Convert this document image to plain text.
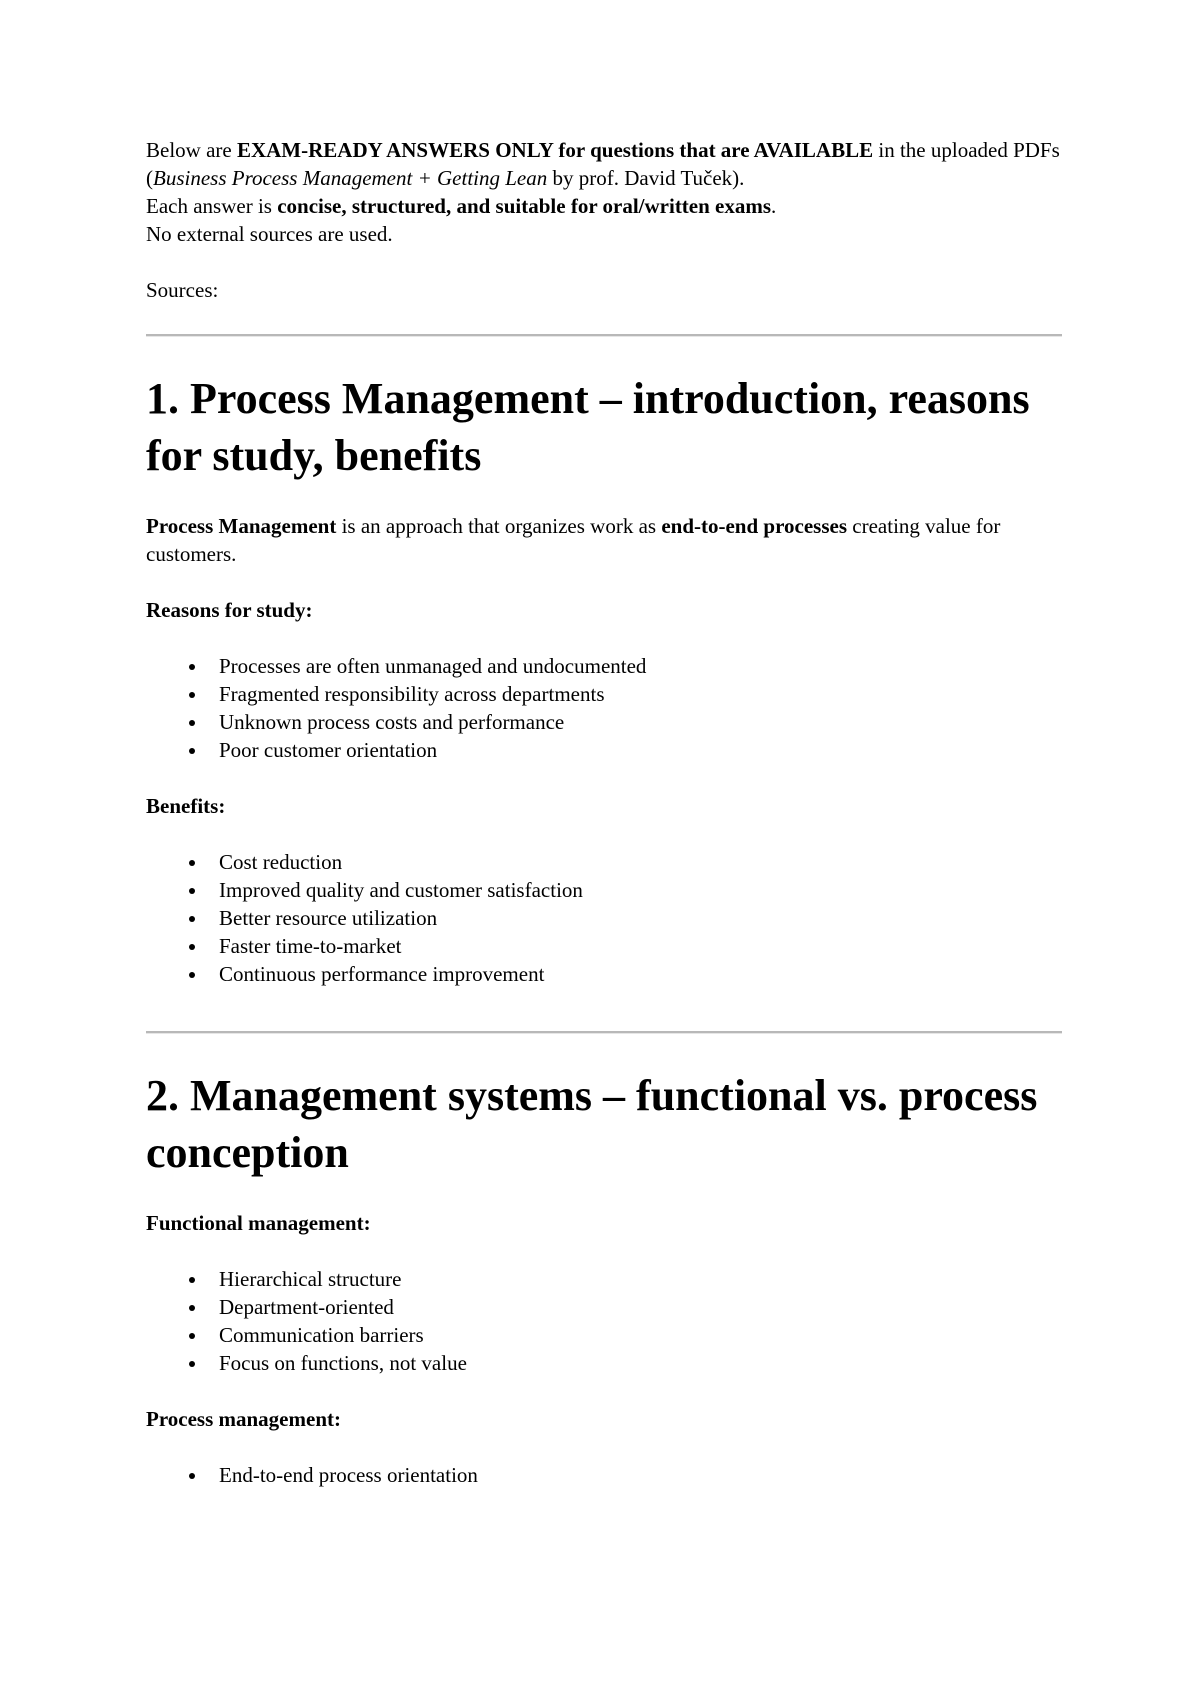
Below are EXAM-READY ANSWERS ONLY for questions that are AVAILABLE in the uploaded PDFs

(Business Process Management + Getting Lean by prof. David Tuček).

Each answer is concise, structured, and suitable for oral/written exams.

No external sources are used.

Sources:

1. Process Management – introduction, reasons for study, benefits

Process Management is an approach that organizes work as end-to-end processes creating value for customers.

Reasons for study:

Processes are often unmanaged and undocumented
Fragmented responsibility across departments
Unknown process costs and performance
Poor customer orientation

Benefits:

Cost reduction
Improved quality and customer satisfaction
Better resource utilization
Faster time-to-market
Continuous performance improvement
2. Management systems – functional vs. process conception

Functional management:

Hierarchical structure
Department-oriented
Communication barriers
Focus on functions, not value

Process management:

End-to-end process orientation
